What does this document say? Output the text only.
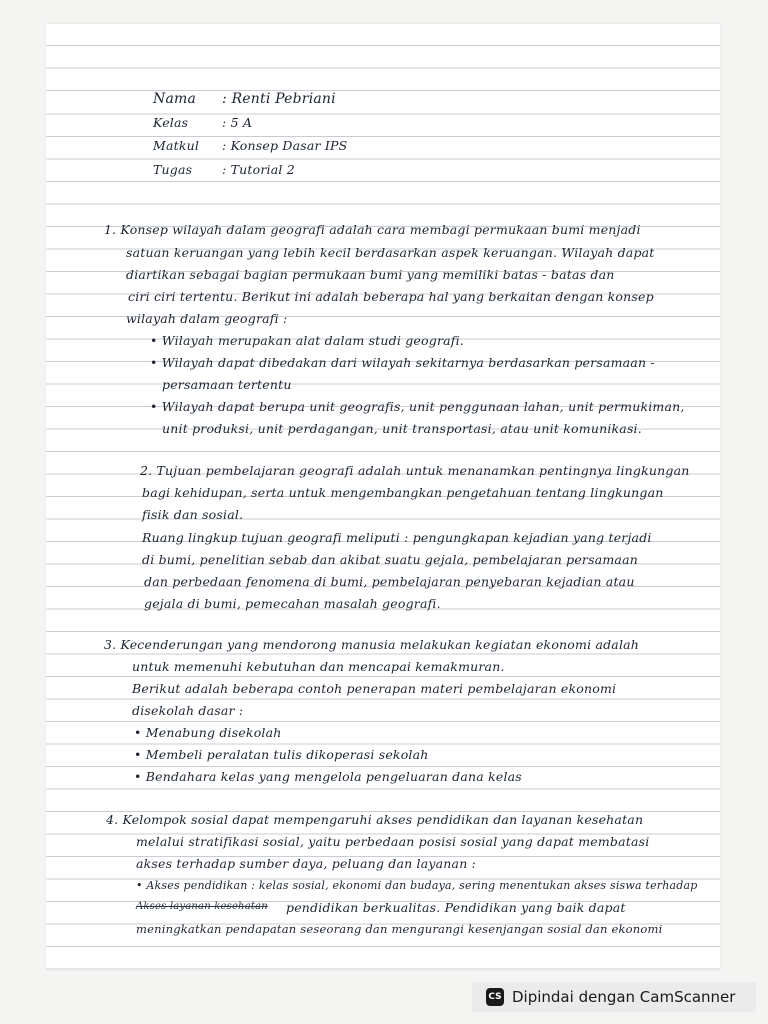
Nama : Renti Pebriani
Kelas	: 5 A
Matkul : Konsep Dasar IPS
Tugas : Tutorial 2
1. Konsep wilayah dalam geografi adalah cara membagi permukaan bumi menjadi
satuan keruangan yang lebih kecil berdasarkan aspek keruangan. Wilayah dapat
diartikan sebagai bagian permukaan bumi yang memiliki batas - batas dan
ciri ciri tertentu. Berikut ini adalah beberapa hal yang berkaitan dengan konsep
wilayah dalam geografi :
• Wilayah merupakan alat dalam studi geografi.
• Wilayah dapat dibedakan dari wilayah sekitarnya berdasarkan persamaan -
persamaan tertentu
• Wilayah dapat berupa unit geografis, unit penggunaan lahan, unit permukiman,
unit produksi, unit perdagangan, unit transportasi, atau unit komunikasi.
2. Tujuan pembelajaran geografi adalah untuk menanamkan pentingnya lingkungan
bagi kehidupan, serta untuk mengembangkan pengetahuan tentang lingkungan
fisik dan sosial.
Ruang lingkup tujuan geografi meliputi : pengungkapan kejadian yang terjadi
di bumi, penelitian sebab dan akibat suatu gejala, pembelajaran persamaan
dan perbedaan fenomena di bumi, pembelajaran penyebaran kejadian atau
gejala di bumi, pemecahan masalah geografi.
3. Kecenderungan yang mendorong manusia melakukan kegiatan ekonomi adalah
untuk memenuhi kebutuhan dan mencapai kemakmuran.
Berikut adalah beberapa contoh penerapan materi pembelajaran ekonomi
disekolah dasar :
• Menabung disekolah
• Membeli peralatan tulis dikoperasi sekolah
• Bendahara kelas yang mengelola pengeluaran dana kelas
4. Kelompok sosial dapat mempengaruhi akses pendidikan dan layanan kesehatan
melalui stratifikasi sosial, yaitu perbedaan posisi sosial yang dapat membatasi
akses terhadap sumber daya, peluang dan layanan :
• Akses pendidikan : kelas sosial, ekonomi dan budaya, sering menentukan akses siswa terhadap
Akses layanan kesehatan pendidikan berkualitas. Pendidikan yang baik dapat
meningkatkan pendapatan seseorang dan mengurangi kesenjangan sosial dan ekonomi
CS Dipindai dengan CamScanner
